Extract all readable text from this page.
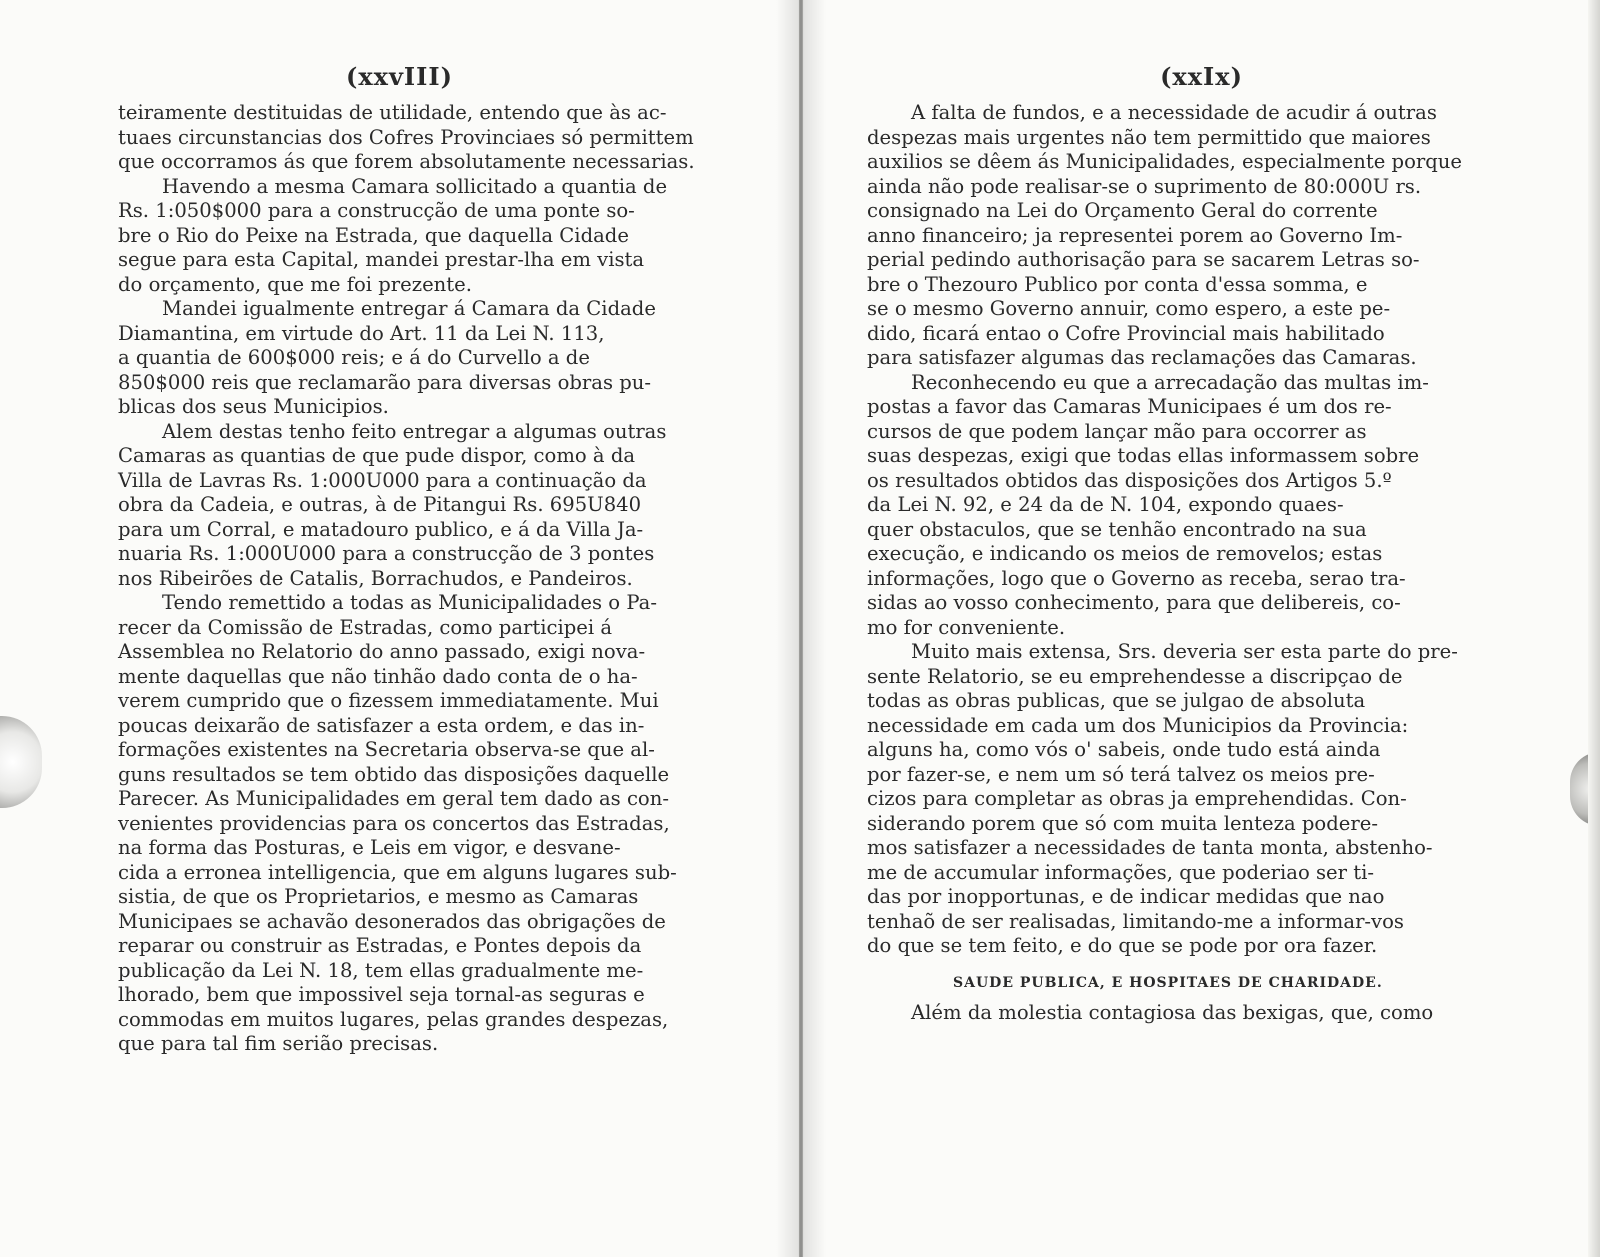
(xxvIII)
teiramente destituidas de utilidade, entendo que às ac-
tuaes circunstancias dos Cofres Provinciaes só permittem
que occorramos ás que forem absolutamente necessarias.
Havendo a mesma Camara sollicitado a quantia de
Rs. 1:050$000 para a construcção de uma ponte so-
bre o Rio do Peixe na Estrada, que daquella Cidade
segue para esta Capital, mandei prestar-lha em vista
do orçamento, que me foi prezente.
Mandei igualmente entregar á Camara da Cidade
Diamantina, em virtude do Art. 11 da Lei N. 113,
a quantia de 600$000 reis; e á do Curvello a de
850$000 reis que reclamarão para diversas obras pu-
blicas dos seus Municipios.
Alem destas tenho feito entregar a algumas outras
Camaras as quantias de que pude dispor, como à da
Villa de Lavras Rs. 1:000U000 para a continuação da
obra da Cadeia, e outras, à de Pitangui Rs. 695U840
para um Corral, e matadouro publico, e á da Villa Ja-
nuaria Rs. 1:000U000 para a construcção de 3 pontes
nos Ribeirões de Catalis, Borrachudos, e Pandeiros.
Tendo remettido a todas as Municipalidades o Pa-
recer da Comissão de Estradas, como participei á
Assemblea no Relatorio do anno passado, exigi nova-
mente daquellas que não tinhão dado conta de o ha-
verem cumprido que o fizessem immediatamente. Mui
poucas deixarão de satisfazer a esta ordem, e das in-
formações existentes na Secretaria observa-se que al-
guns resultados se tem obtido das disposições daquelle
Parecer. As Municipalidades em geral tem dado as con-
venientes providencias para os concertos das Estradas,
na forma das Posturas, e Leis em vigor, e desvane-
cida a erronea intelligencia, que em alguns lugares sub-
sistia, de que os Proprietarios, e mesmo as Camaras
Municipaes se achavão desonerados das obrigações de
reparar ou construir as Estradas, e Pontes depois da
publicação da Lei N. 18, tem ellas gradualmente me-
lhorado, bem que impossivel seja tornal-as seguras e
commodas em muitos lugares, pelas grandes despezas,
que para tal fim serião precisas.
(xxIx)
A falta de fundos, e a necessidade de acudir á outras
despezas mais urgentes não tem permittido que maiores
auxilios se dêem ás Municipalidades, especialmente porque
ainda não pode realisar-se o suprimento de 80:000U rs.
consignado na Lei do Orçamento Geral do corrente
anno financeiro; ja representei porem ao Governo Im-
perial pedindo authorisação para se sacarem Letras so-
bre o Thezouro Publico por conta d'essa somma, e
se o mesmo Governo annuir, como espero, a este pe-
dido, ficará entao o Cofre Provincial mais habilitado
para satisfazer algumas das reclamações das Camaras.
Reconhecendo eu que a arrecadação das multas im-
postas a favor das Camaras Municipaes é um dos re-
cursos de que podem lançar mão para occorrer as
suas despezas, exigi que todas ellas informassem sobre
os resultados obtidos das disposições dos Artigos 5.º
da Lei N. 92, e 24 da de N. 104, expondo quaes-
quer obstaculos, que se tenhão encontrado na sua
execução, e indicando os meios de removelos; estas
informações, logo que o Governo as receba, serao tra-
sidas ao vosso conhecimento, para que delibereis, co-
mo for conveniente.
Muito mais extensa, Srs. deveria ser esta parte do pre-
sente Relatorio, se eu emprehendesse a discripçao de
todas as obras publicas, que se julgao de absoluta
necessidade em cada um dos Municipios da Provincia:
alguns ha, como vós o' sabeis, onde tudo está ainda
por fazer-se, e nem um só terá talvez os meios pre-
cizos para completar as obras ja emprehendidas. Con-
siderando porem que só com muita lenteza podere-
mos satisfazer a necessidades de tanta monta, abstenho-
me de accumular informações, que poderiao ser ti-
das por inopportunas, e de indicar medidas que nao
tenhaõ de ser realisadas, limitando-me a informar-vos
do que se tem feito, e do que se pode por ora fazer.
SAUDE PUBLICA, E HOSPITAES DE CHARIDADE.
Além da molestia contagiosa das bexigas, que, como
